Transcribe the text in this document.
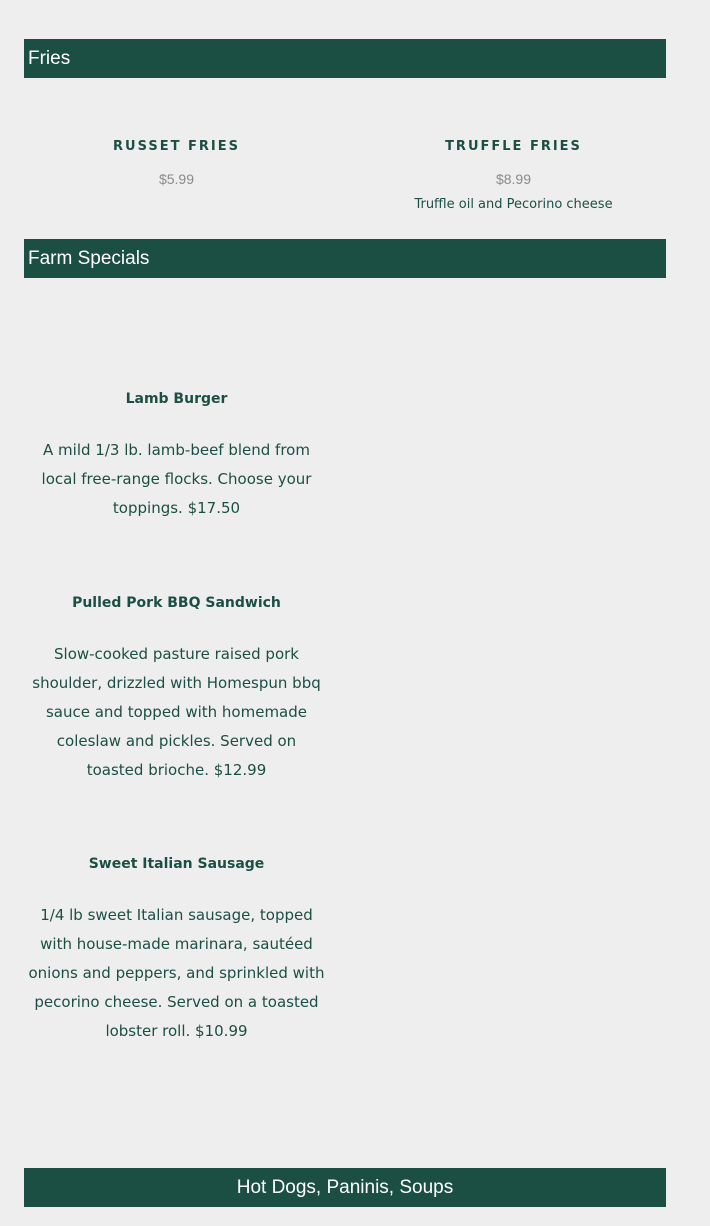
Fries
RUSSET FRIES
$5.99
TRUFFLE FRIES
$8.99
Truffle oil and Pecorino cheese
Farm Specials
Lamb Burger
A mild 1/3 lb. lamb-beef blend from local free-range flocks. Choose your toppings. $17.50
Pulled Pork BBQ Sandwich
Slow-cooked pasture raised pork shoulder, drizzled with Homespun bbq sauce and topped with homemade coleslaw and pickles. Served on toasted brioche. $12.99
Sweet Italian Sausage
1/4 lb sweet Italian sausage, topped with house-made marinara, sautéed onions and peppers, and sprinkled with pecorino cheese. Served on a toasted lobster roll. $10.99
Hot Dogs, Paninis, Soups
